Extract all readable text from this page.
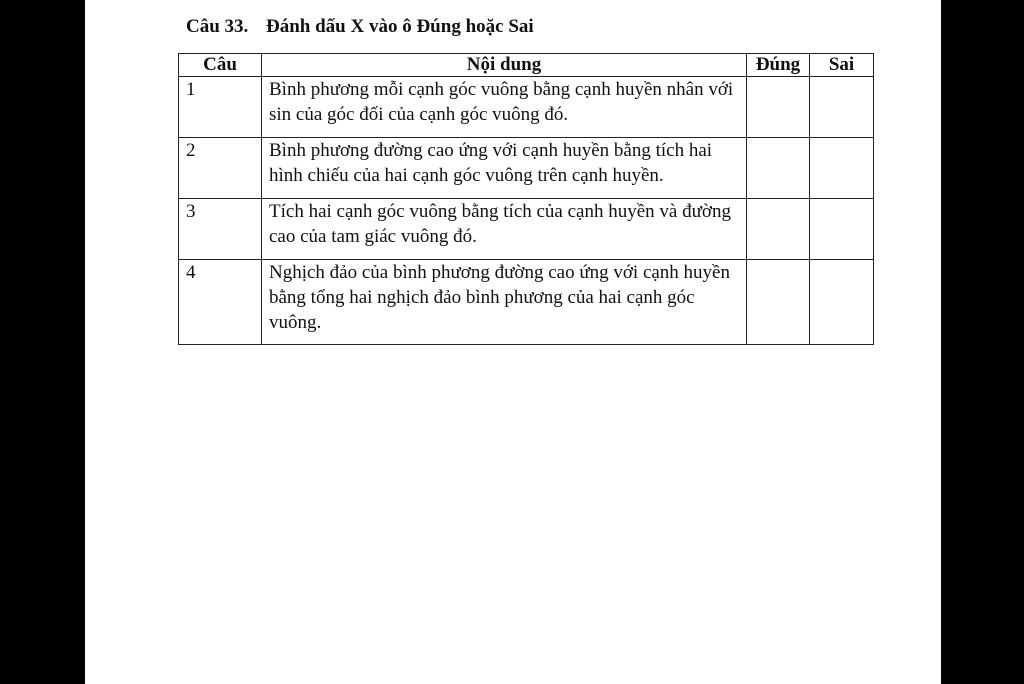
Câu 33. Đánh dấu X vào ô Đúng hoặc Sai
Câu	Nội dung	Đúng	Sai
1	Bình phương mỗi cạnh góc vuông bằng cạnh huyền nhân với sin của góc đối của cạnh góc vuông đó.		
2	Bình phương đường cao ứng với cạnh huyền bằng tích hai hình chiếu của hai cạnh góc vuông trên cạnh huyền.		
3	Tích hai cạnh góc vuông bằng tích của cạnh huyền và đường cao của tam giác vuông đó.		
4	Nghịch đảo của bình phương đường cao ứng với cạnh huyền bằng tổng hai nghịch đảo bình phương của hai cạnh góc vuông.		
